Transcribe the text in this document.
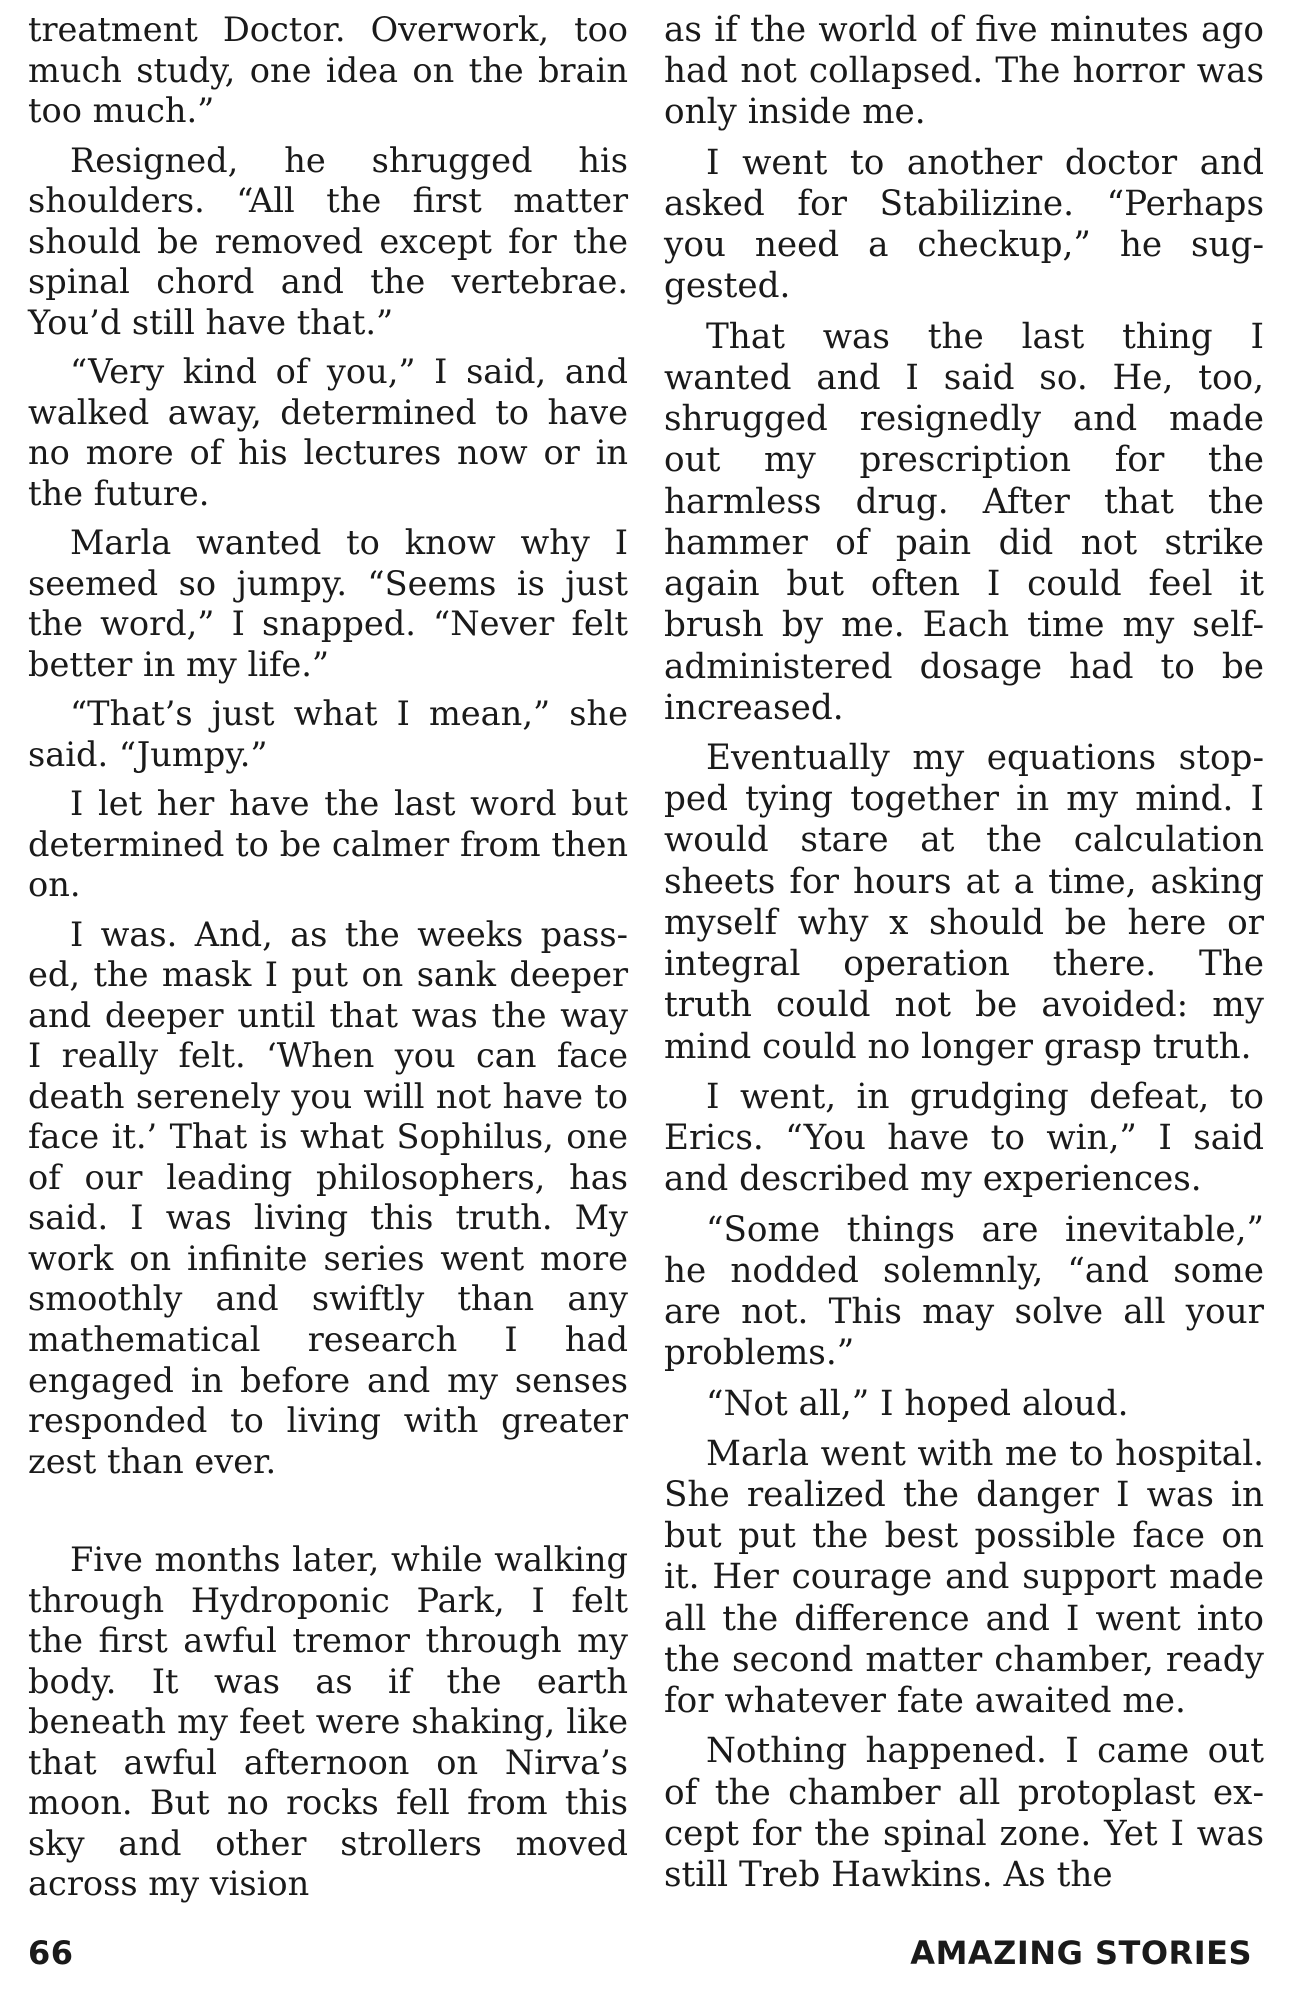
treatment Doctor. Overwork, too much study, one idea on the brain too much.”

Resigned, he shrugged his shoulders. “All the first matter should be removed except for the spinal chord and the vertebrae. You’d still have that.”

“Very kind of you,” I said, and walked away, determined to have no more of his lectures now or in the future.

Marla wanted to know why I seemed so jumpy. “Seems is just the word,” I snapped. “Never felt better in my life.”

“That’s just what I mean,” she said. “Jumpy.”

I let her have the last word but determined to be calmer from then on.

I was. And, as the weeks passed, the mask I put on sank deeper and deeper until that was the way I really felt. ‘When you can face death serenely you will not have to face it.’ That is what Sophilus, one of our leading philosophers, has said. I was living this truth. My work on infinite series went more smoothly and swiftly than any mathematical research I had engaged in before and my senses responded to living with greater zest than ever.

Five months later, while walking through Hydroponic Park, I felt the first awful tremor through my body. It was as if the earth beneath my feet were shaking, like that awful afternoon on Nirva’s moon. But no rocks fell from this sky and other strollers moved across my vision

as if the world of five minutes ago had not collapsed. The horror was only inside me.

I went to another doctor and asked for Stabilizine. “Perhaps you need a checkup,” he suggested.

That was the last thing I wanted and I said so. He, too, shrugged resignedly and made out my prescription for the harmless drug. After that the hammer of pain did not strike again but often I could feel it brush by me. Each time my self-administered dosage had to be increased.

Eventually my equations stopped tying together in my mind. I would stare at the calculation sheets for hours at a time, asking myself why x should be here or integral operation there. The truth could not be avoided: my mind could no longer grasp truth.

I went, in grudging defeat, to Erics. “You have to win,” I said and described my experiences.

“Some things are inevitable,” he nodded solemnly, “and some are not. This may solve all your problems.”

“Not all,” I hoped aloud.

Marla went with me to hospital. She realized the danger I was in but put the best possible face on it. Her courage and support made all the difference and I went into the second matter chamber, ready for whatever fate awaited me.

Nothing happened. I came out of the chamber all protoplast except for the spinal zone. Yet I was still Treb Hawkins. As the

66	AMAZING STORIES
